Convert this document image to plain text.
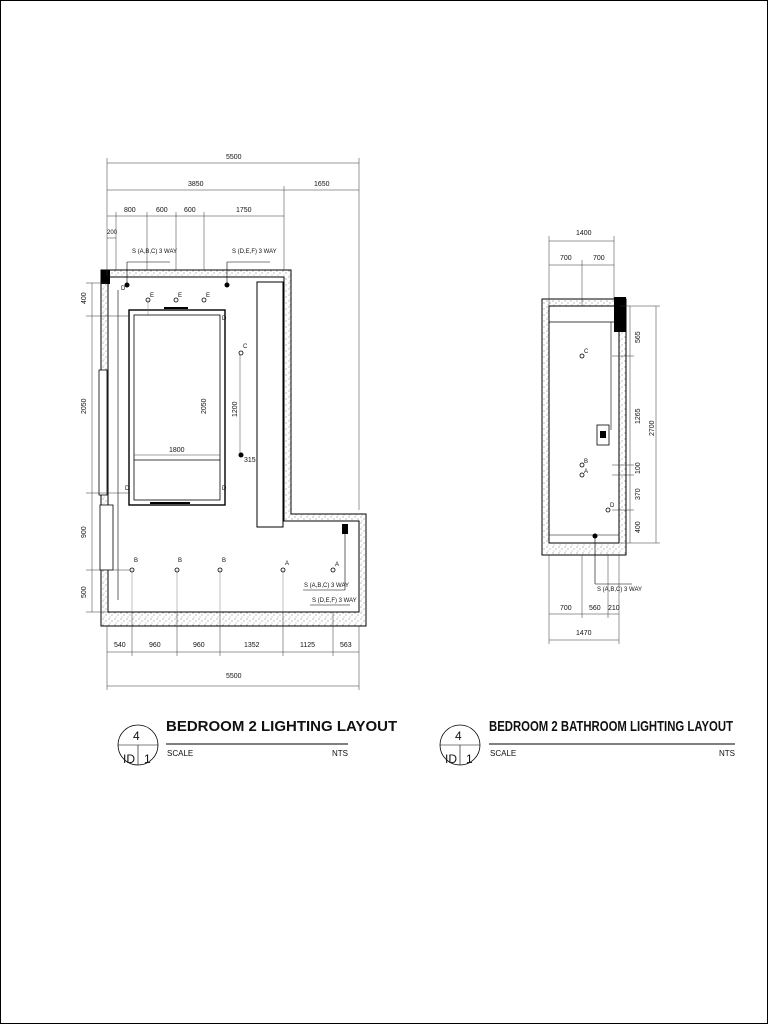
1800
2050	1200
315
E	E	E
C
B	B	B	A	A
D
D
D	D
S (A,B,C) 3 WAY	S (D,E,F) 3 WAY
S (A,B,C) 3 WAY
S (D,E,F) 3 WAY
5500
3850	1650
800	600 600	1750
200
400
2050
900
500
540	960	960	1352	1125	563
5500
C
B
A
D
S (A,B,C) 3 WAY
1400
700	700
565
1265
100
370
400
2700
700 560 210
1470
4
ID 1
BEDROOM 2 LIGHTING LAYOUT
SCALE	NTS
4
ID 1
BEDROOM 2 BATHROOM LIGHTING LAYOUT
SCALE	NTS
